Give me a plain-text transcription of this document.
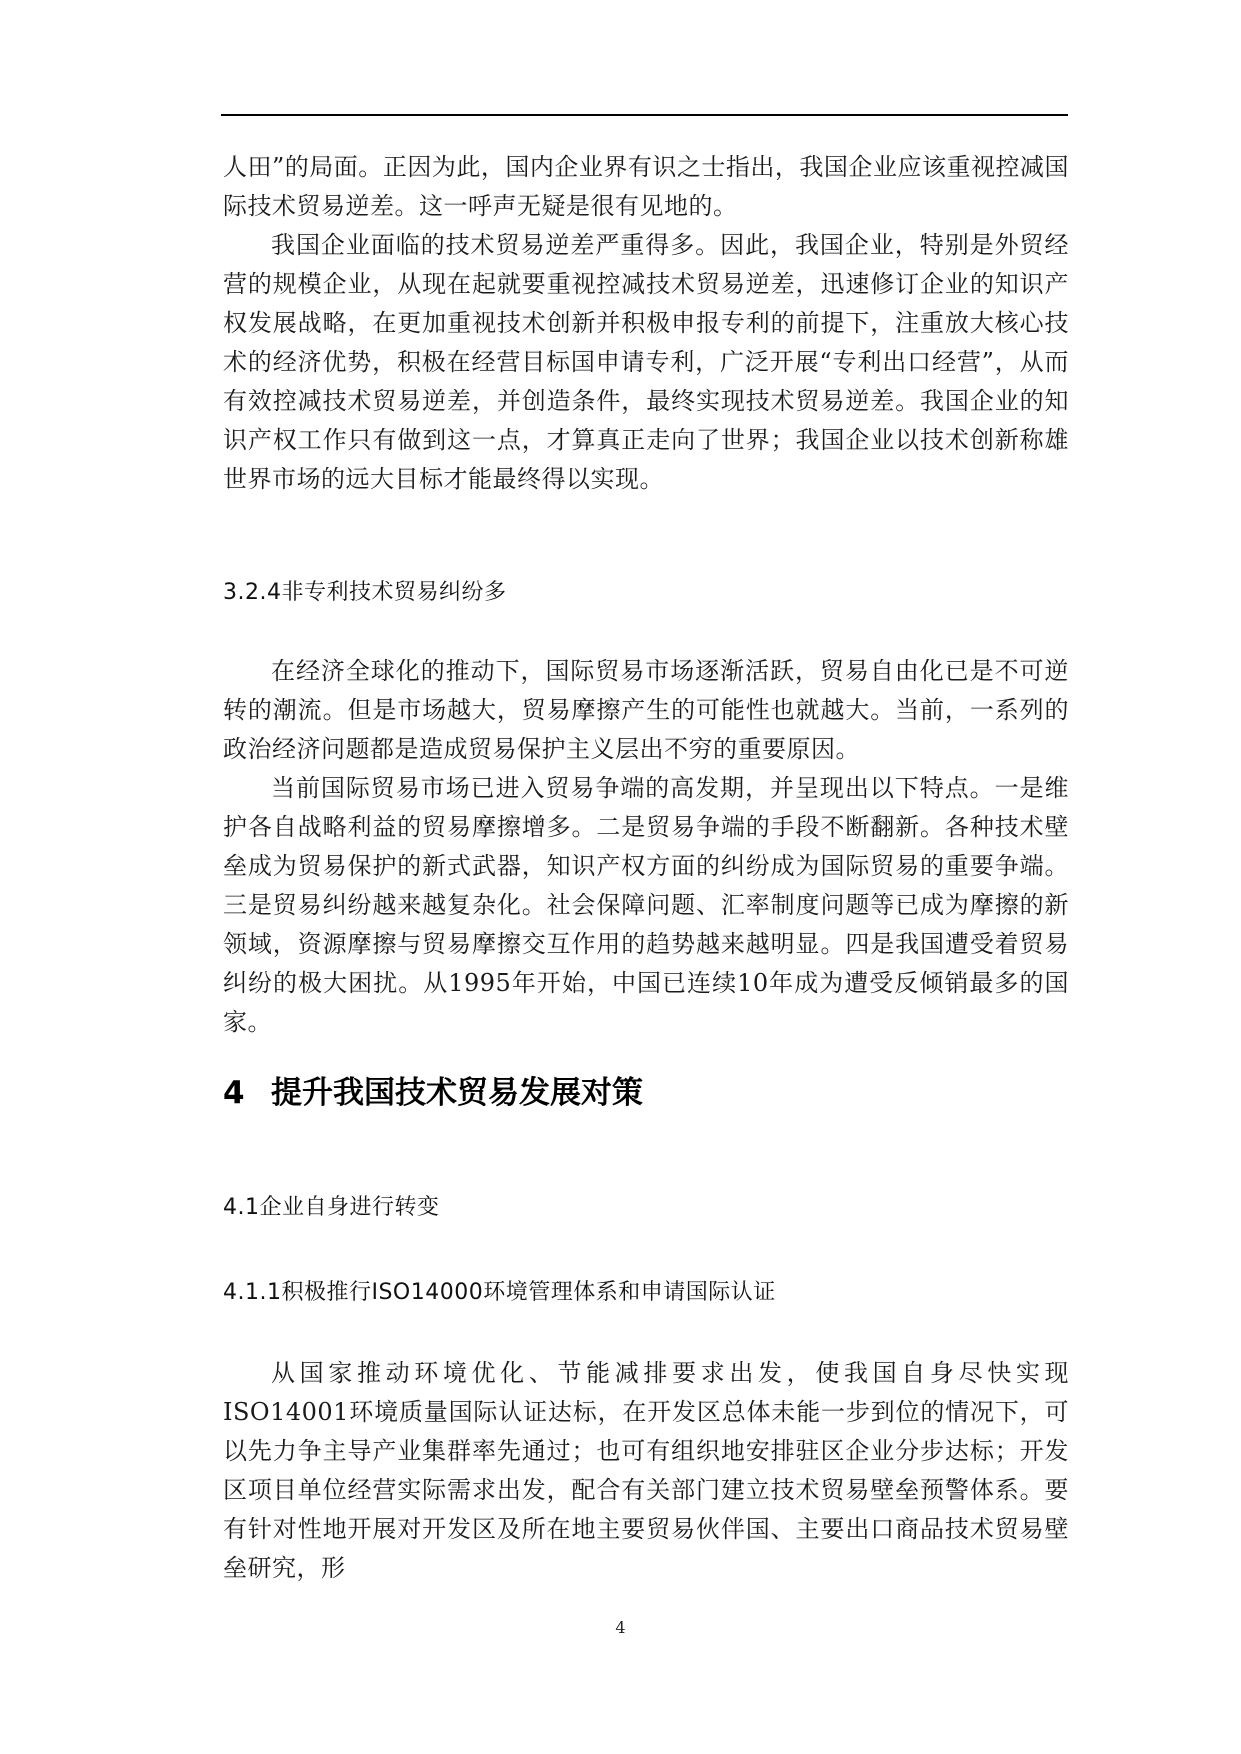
人田”的局面。正因为此，国内企业界有识之士指出，我国企业应该重视控减国际技术贸易逆差。这一呼声无疑是很有见地的。

我国企业面临的技术贸易逆差严重得多。因此，我国企业，特别是外贸经营的规模企业，从现在起就要重视控减技术贸易逆差，迅速修订企业的知识产权发展战略，在更加重视技术创新并积极申报专利的前提下，注重放大核心技术的经济优势，积极在经营目标国申请专利，广泛开展“专利出口经营”，从而有效控减技术贸易逆差，并创造条件，最终实现技术贸易逆差。我国企业的知识产权工作只有做到这一点，才算真正走向了世界；我国企业以技术创新称雄世界市场的远大目标才能最终得以实现。

3.2.4非专利技术贸易纠纷多

在经济全球化的推动下，国际贸易市场逐渐活跃，贸易自由化已是不可逆转的潮流。但是市场越大，贸易摩擦产生的可能性也就越大。当前，一系列的政治经济问题都是造成贸易保护主义层出不穷的重要原因。

当前国际贸易市场已进入贸易争端的高发期，并呈现出以下特点。一是维护各自战略利益的贸易摩擦增多。二是贸易争端的手段不断翻新。各种技术壁垒成为贸易保护的新式武器，知识产权方面的纠纷成为国际贸易的重要争端。三是贸易纠纷越来越复杂化。社会保障问题、汇率制度问题等已成为摩擦的新领域，资源摩擦与贸易摩擦交互作用的趋势越来越明显。四是我国遭受着贸易纠纷的极大困扰。从1995年开始，中国已连续10年成为遭受反倾销最多的国家。

4 提升我国技术贸易发展对策

4.1企业自身进行转变

4.1.1积极推行ISO14000环境管理体系和申请国际认证

从国家推动环境优化、节能减排要求出发，使我国自身尽快实现ISO14001环境质量国际认证达标，在开发区总体未能一步到位的情况下，可以先力争主导产业集群率先通过；也可有组织地安排驻区企业分步达标；开发区项目单位经营实际需求出发，配合有关部门建立技术贸易壁垒预警体系。要有针对性地开展对开发区及所在地主要贸易伙伴国、主要出口商品技术贸易壁垒研究，形

4
